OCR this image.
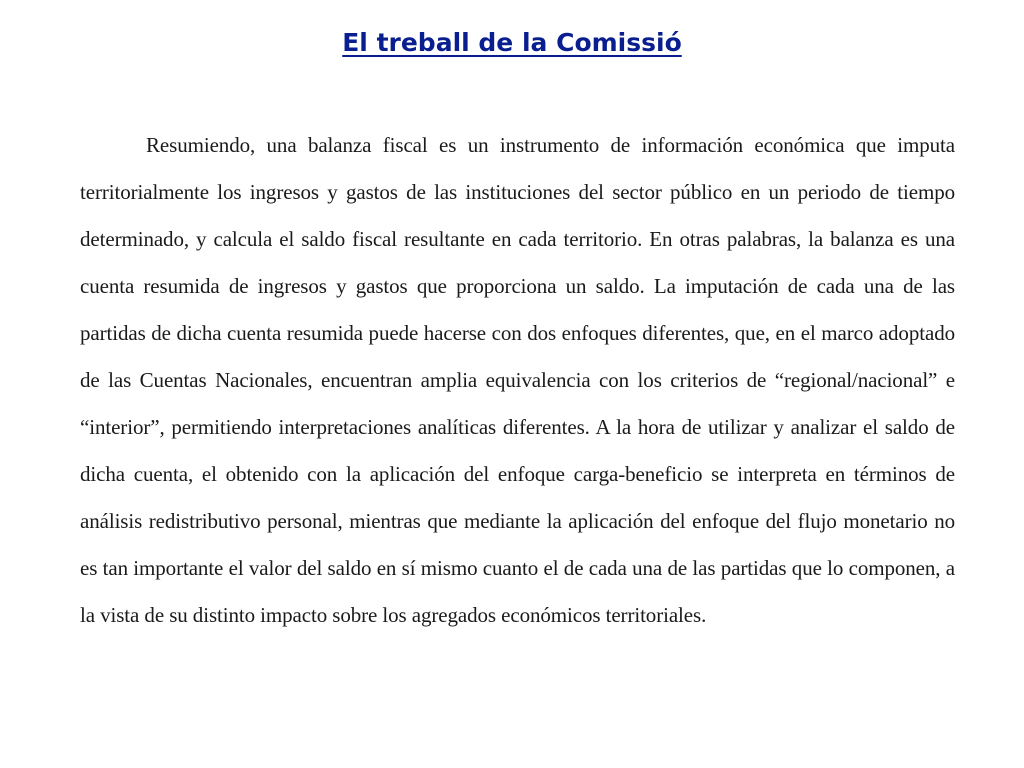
El treball de la Comissió

Resumiendo, una balanza fiscal es un instrumento de información económica que imputa territorialmente los ingresos y gastos de las instituciones del sector público en un periodo de tiempo determinado, y calcula el saldo fiscal resultante en cada territorio. En otras palabras, la balanza es una cuenta resumida de ingresos y gastos que proporciona un saldo. La imputación de cada una de las partidas de dicha cuenta resumida puede hacerse con dos enfoques diferentes, que, en el marco adoptado de las Cuentas Nacionales, encuentran amplia equivalencia con los criterios de “regional/nacional” e “interior”, permitiendo interpretaciones analíticas diferentes. A la hora de utilizar y analizar el saldo de dicha cuenta, el obtenido con la aplicación del enfoque carga-beneficio se interpreta en términos de análisis redistributivo personal, mientras que mediante la aplicación del enfoque del flujo monetario no es tan importante el valor del saldo en sí mismo cuanto el de cada una de las partidas que lo componen, a la vista de su distinto impacto sobre los agregados económicos territoriales.
